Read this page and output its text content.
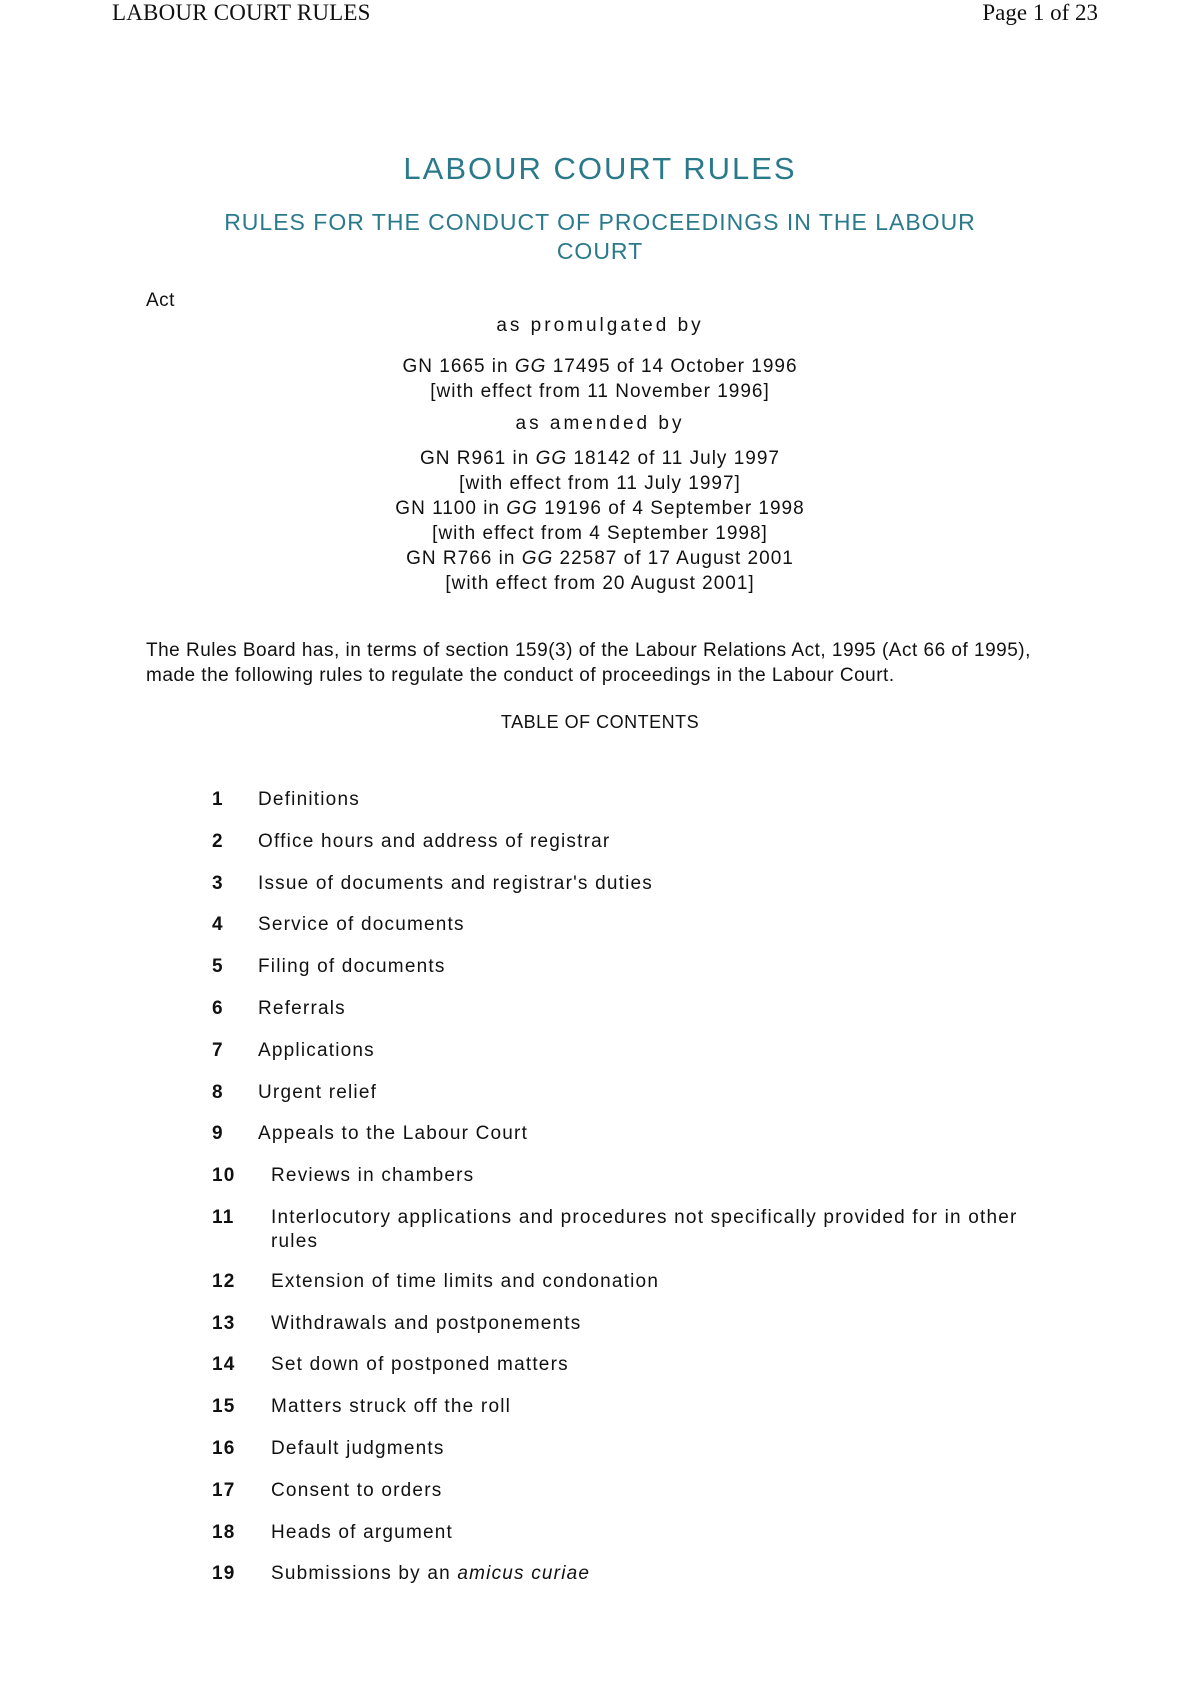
LABOUR COURT RULES	Page 1 of 23
LABOUR COURT RULES
RULES FOR THE CONDUCT OF PROCEEDINGS IN THE LABOUR COURT
Act
as promulgated by
GN 1665 in GG 17495 of 14 October 1996
[with effect from 11 November 1996]
as amended by
GN R961 in GG 18142 of 11 July 1997
[with effect from 11 July 1997]
GN 1100 in GG 19196 of 4 September 1998
[with effect from 4 September 1998]
GN R766 in GG 22587 of 17 August 2001
[with effect from 20 August 2001]
The Rules Board has, in terms of section 159(3) of the Labour Relations Act, 1995 (Act 66 of 1995), made the following rules to regulate the conduct of proceedings in the Labour Court.
TABLE OF CONTENTS
1	Definitions
2	Office hours and address of registrar
3	Issue of documents and registrar's duties
4	Service of documents
5	Filing of documents
6	Referrals
7	Applications
8	Urgent relief
9	Appeals to the Labour Court
10	Reviews in chambers
11	Interlocutory applications and procedures not specifically provided for in other rules
12	Extension of time limits and condonation
13	Withdrawals and postponements
14	Set down of postponed matters
15	Matters struck off the roll
16	Default judgments
17	Consent to orders
18	Heads of argument
19	Submissions by an amicus curiae
